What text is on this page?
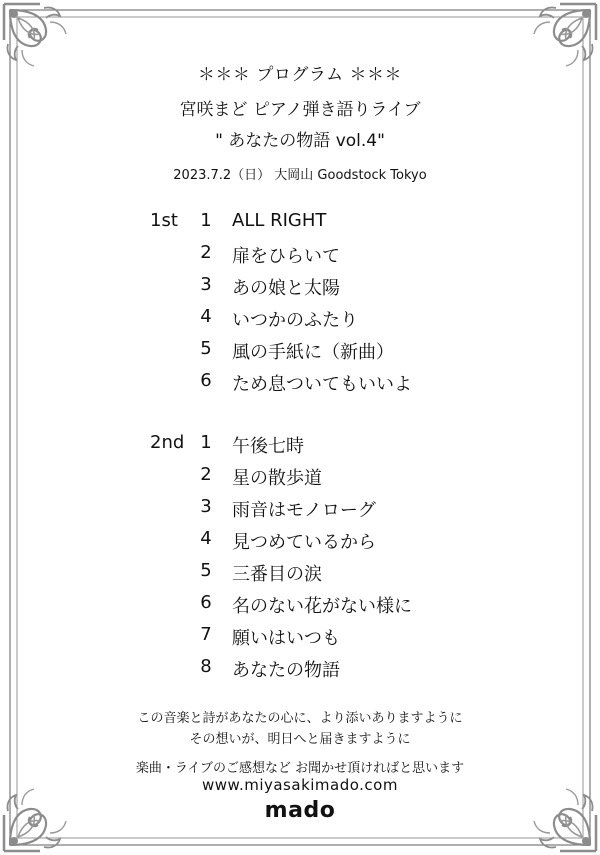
＊＊＊ プログラム ＊＊＊
宮咲まど ピアノ弾き語りライブ
" あなたの物語 vol.4"
2023.7.2（日） 大岡山 Goodstock Tokyo
1st 1 ALL RIGHT
2 扉をひらいて
3 あの娘と太陽
4 いつかのふたり
5 風の手紙に（新曲）
6 ため息ついてもいいよ
2nd 1 午後七時
2 星の散歩道
3 雨音はモノローグ
4 見つめているから
5 三番目の涙
6 名のない花がない様に
7 願いはいつも
8 あなたの物語
この音楽と詩があなたの心に、より添いありますように
その想いが、明日へと届きますように
楽曲・ライブのご感想など お聞かせ頂ければと思います
www.miyasakimado.com
mado
